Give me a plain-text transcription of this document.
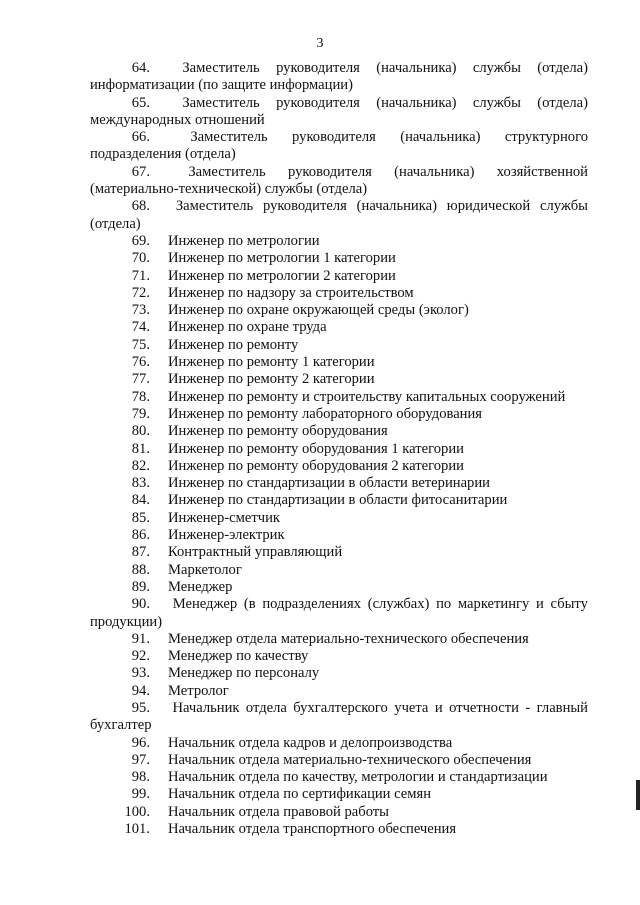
3
64. Заместитель руководителя (начальника) службы (отдела)
информатизации (по защите информации)
65. Заместитель руководителя (начальника) службы (отдела)
международных отношений
66.	Заместитель руководителя (начальника) структурного
подразделения (отдела)
67.	Заместитель руководителя (начальника) хозяйственной
(материально-технической) службы (отдела)
68. Заместитель руководителя (начальника) юридической службы
(отдела)
69. Инженер по метрологии
70. Инженер по метрологии 1 категории
71. Инженер по метрологии 2 категории
72. Инженер по надзору за строительством
73. Инженер по охране окружающей среды (эколог)
74. Инженер по охране труда
75. Инженер по ремонту
76. Инженер по ремонту 1 категории
77. Инженер по ремонту 2 категории
78. Инженер по ремонту и строительству капитальных сооружений
79. Инженер по ремонту лабораторного оборудования
80. Инженер по ремонту оборудования
81. Инженер по ремонту оборудования 1 категории
82. Инженер по ремонту оборудования 2 категории
83. Инженер по стандартизации в области ветеринарии
84. Инженер по стандартизации в области фитосанитарии
85. Инженер-сметчик
86. Инженер-электрик
87. Контрактный управляющий
88. Маркетолог
89. Менеджер
90. Менеджер (в подразделениях (службах) по маркетингу и сбыту
продукции)
91. Менеджер отдела материально-технического обеспечения
92. Менеджер по качеству
93. Менеджер по персоналу
94. Метролог
95. Начальник отдела бухгалтерского учета и отчетности - главный
бухгалтер
96. Начальник отдела кадров и делопроизводства
97. Начальник отдела материально-технического обеспечения
98. Начальник отдела по качеству, метрологии и стандартизации
99. Начальник отдела по сертификации семян
100. Начальник отдела правовой работы
101. Начальник отдела транспортного обеспечения
